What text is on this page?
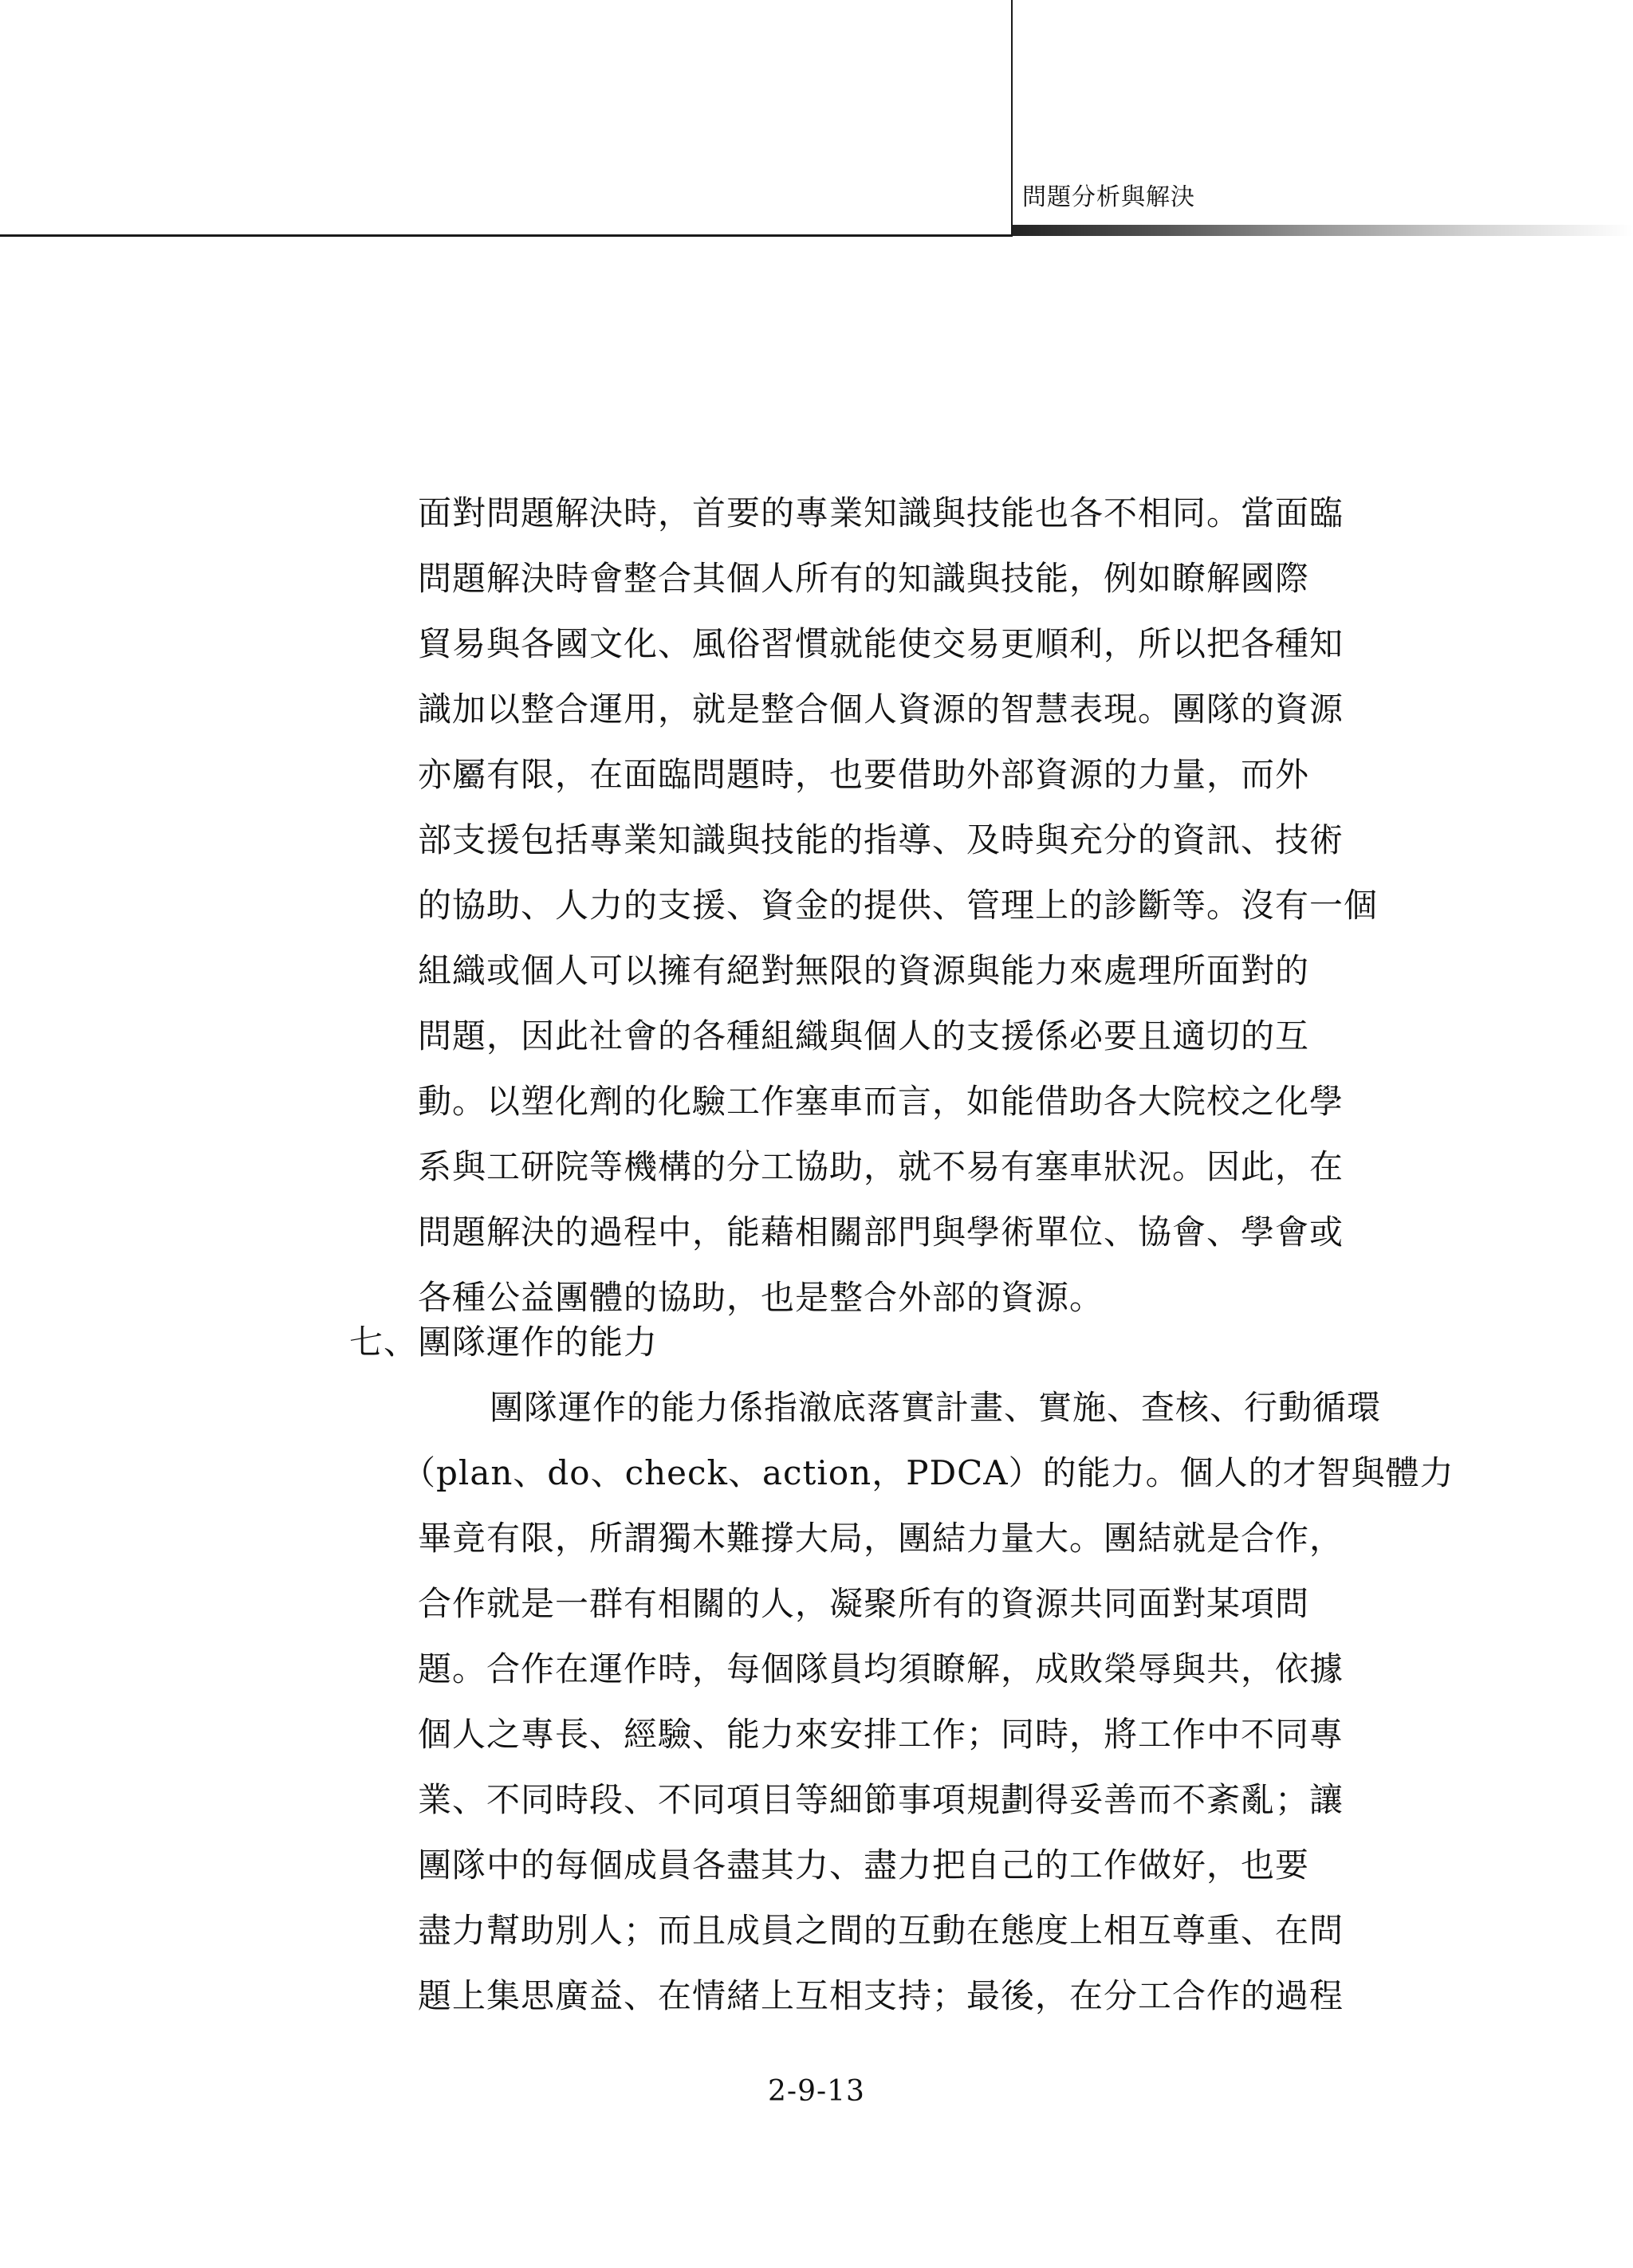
問題分析與解決
面對問題解決時，首要的專業知識與技能也各不相同。當面臨
問題解決時會整合其個人所有的知識與技能，例如瞭解國際
貿易與各國文化、風俗習慣就能使交易更順利，所以把各種知
識加以整合運用，就是整合個人資源的智慧表現。團隊的資源
亦屬有限，在面臨問題時，也要借助外部資源的力量，而外
部支援包括專業知識與技能的指導、及時與充分的資訊、技術
的協助、人力的支援、資金的提供、管理上的診斷等。沒有一個
組織或個人可以擁有絕對無限的資源與能力來處理所面對的
問題，因此社會的各種組織與個人的支援係必要且適切的互
動。以塑化劑的化驗工作塞車而言，如能借助各大院校之化學
系與工研院等機構的分工協助，就不易有塞車狀況。因此，在
問題解決的過程中，能藉相關部門與學術單位、協會、學會或
各種公益團體的協助，也是整合外部的資源。
七、團隊運作的能力
團隊運作的能力係指澈底落實計畫、實施、查核、行動循環
（plan、do、check、action，PDCA）的能力。個人的才智與體力
畢竟有限，所謂獨木難撐大局，團結力量大。團結就是合作，
合作就是一群有相關的人，凝聚所有的資源共同面對某項問
題。合作在運作時，每個隊員均須瞭解，成敗榮辱與共，依據
個人之專長、經驗、能力來安排工作；同時，將工作中不同專
業、不同時段、不同項目等細節事項規劃得妥善而不紊亂；讓
團隊中的每個成員各盡其力、盡力把自己的工作做好，也要
盡力幫助別人；而且成員之間的互動在態度上相互尊重、在問
題上集思廣益、在情緒上互相支持；最後，在分工合作的過程
2-9-13
